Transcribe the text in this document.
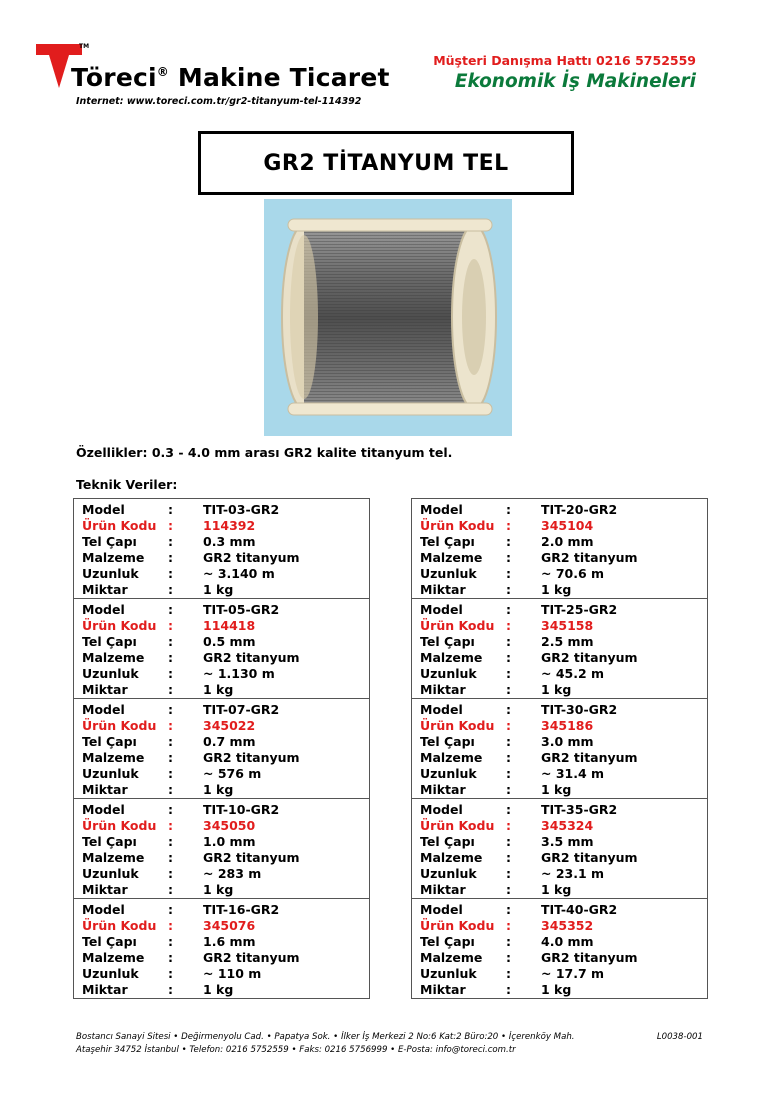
TM
Töreci® Makine Ticaret
Internet: www.toreci.com.tr/gr2-titanyum-tel-114392
Müşteri Danışma Hattı 0216 5752559
Ekonomik İş Makineleri
GR2 TİTANYUM TEL
Özellikler: 0.3 - 4.0 mm arası GR2 kalite titanyum tel.
Teknik Veriler:
Model	:	TIT-03-GR2
Ürün Kodu :	114392
Tel Çapı	:	0.3 mm
Malzeme	:	GR2 titanyum
Uzunluk	:	~ 3.140 m
Miktar	:	1 kg
Model	:	TIT-05-GR2
Ürün Kodu :	114418
Tel Çapı	:	0.5 mm
Malzeme	:	GR2 titanyum
Uzunluk	:	~ 1.130 m
Miktar	:	1 kg
Model	:	TIT-07-GR2
Ürün Kodu :	345022
Tel Çapı	:	0.7 mm
Malzeme	:	GR2 titanyum
Uzunluk	:	~ 576 m
Miktar	:	1 kg
Model	:	TIT-10-GR2
Ürün Kodu :	345050
Tel Çapı	:	1.0 mm
Malzeme	:	GR2 titanyum
Uzunluk	:	~ 283 m
Miktar	:	1 kg
Model	:	TIT-16-GR2
Ürün Kodu :	345076
Tel Çapı	:	1.6 mm
Malzeme	:	GR2 titanyum
Uzunluk	:	~ 110 m
Miktar	:	1 kg
Model	:	TIT-20-GR2
Ürün Kodu :	345104
Tel Çapı	:	2.0 mm
Malzeme	:	GR2 titanyum
Uzunluk	:	~ 70.6 m
Miktar	:	1 kg
Model	:	TIT-25-GR2
Ürün Kodu :	345158
Tel Çapı	:	2.5 mm
Malzeme	:	GR2 titanyum
Uzunluk	:	~ 45.2 m
Miktar	:	1 kg
Model	:	TIT-30-GR2
Ürün Kodu :	345186
Tel Çapı	:	3.0 mm
Malzeme	:	GR2 titanyum
Uzunluk	:	~ 31.4 m
Miktar	:	1 kg
Model	:	TIT-35-GR2
Ürün Kodu :	345324
Tel Çapı	:	3.5 mm
Malzeme	:	GR2 titanyum
Uzunluk	:	~ 23.1 m
Miktar	:	1 kg
Model	:	TIT-40-GR2
Ürün Kodu :	345352
Tel Çapı	:	4.0 mm
Malzeme	:	GR2 titanyum
Uzunluk	:	~ 17.7 m
Miktar	:	1 kg
Bostancı Sanayi Sitesi • Değirmenyolu Cad. • Papatya Sok. • İlker İş Merkezi 2 No:6 Kat:2 Büro:20 • İçerenköy Mah.
Ataşehir 34752 İstanbul • Telefon: 0216 5752559 • Faks: 0216 5756999 • E-Posta: info@toreci.com.tr
L0038-001
